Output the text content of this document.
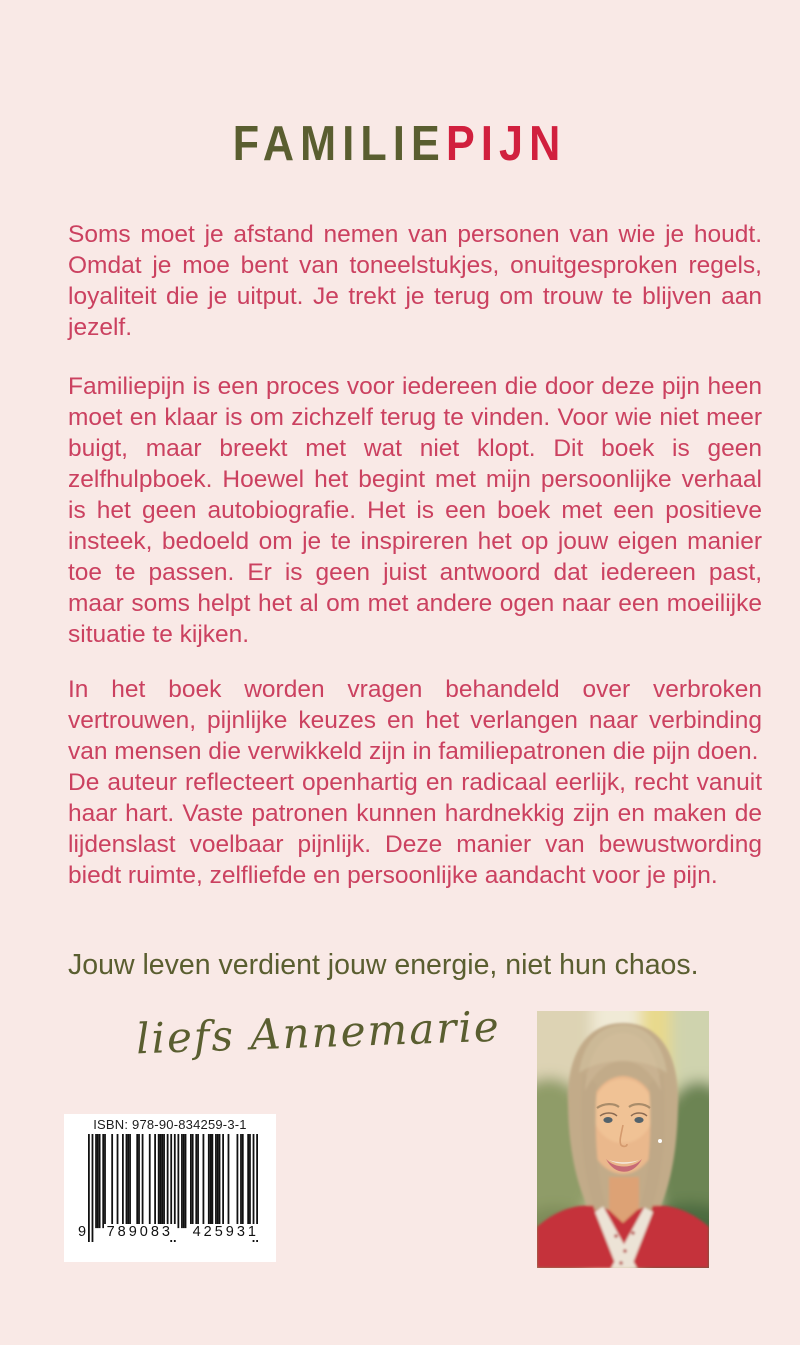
FAMILIEPIJN

Soms moet je afstand nemen van personen van wie je houdt. Omdat je moe bent van toneelstukjes, onuitgesproken regels, loyaliteit die je uitput. Je trekt je terug om trouw te blijven aan jezelf.

Familiepijn is een proces voor iedereen die door deze pijn heen moet en klaar is om zichzelf terug te vinden. Voor wie niet meer buigt, maar breekt met wat niet klopt. Dit boek is geen zelfhulpboek. Hoewel het begint met mijn persoonlijke verhaal is het geen autobiografie. Het is een boek met een positieve insteek, bedoeld om je te inspireren het op jouw eigen manier toe te passen. Er is geen juist antwoord dat iedereen past, maar soms helpt het al om met andere ogen naar een moeilijke situatie te kijken.

In het boek worden vragen behandeld over verbroken vertrouwen, pijnlijke keuzes en het verlangen naar verbinding van mensen die verwikkeld zijn in familiepatronen die pijn doen.
De auteur reflecteert openhartig en radicaal eerlijk, recht vanuit haar hart. Vaste patronen kunnen hardnekkig zijn en maken de lijdenslast voelbaar pijnlijk. Deze manier van bewustwording biedt ruimte, zelfliefde en persoonlijke aandacht voor je pijn.

Jouw leven verdient jouw energie, niet hun chaos.

liefs Annemarie
ISBN: 978-90-834259-3-1
9 789083 425931
